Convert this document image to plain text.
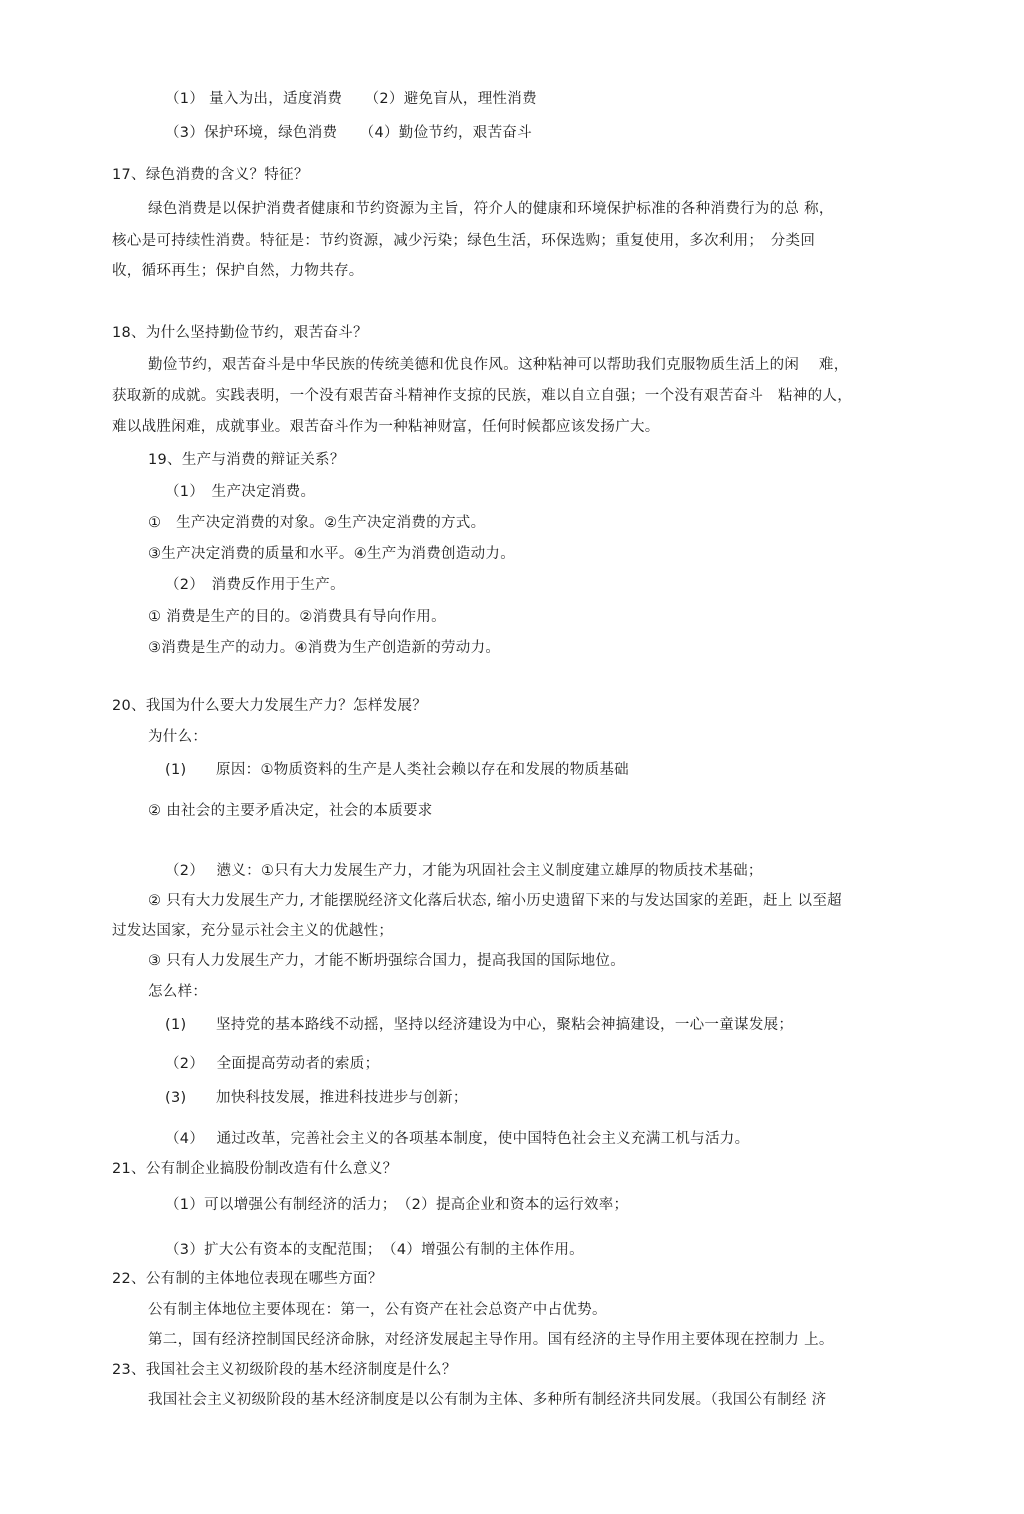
（1） 量入为出，适度消费　　（2）避免盲从，理性消费
（3）保护环境，绿色消费　　（4）勤俭节约，艰苦奋斗
17、绿色消费的含义？特征？
绿色消费是以保护消费者健康和节约资源为主旨，符介人的健康和环境保护标准的各种消费行为的总 称，
核心是可持续性消费。特征是：节约资源，减少污染；绿色生活，环保选购；重复使用，多次利用；　分类回
收，循环再生；保护自然，力物共存。
18、为什么坚持勤俭节约，艰苦奋斗？
勤俭节约，艰苦奋斗是中华民族的传统美德和优良作风。这种粘神可以帮助我们克服物质生活上的闲　 难，
获取新的成就。实践表明，一个没有艰苦奋斗精神作支掠的民族，难以自立自强；一个没有艰苦奋斗　粘神的人，
难以战胜闲难，成就事业。艰苦奋斗作为一种粘神财富，任何时候都应该发扬广大。
19、生产与消费的辩证关系？
（1）　生产决定消费。
①　生产决定消费的对象。②生产决定消费的方式。
③生产决定消费的质量和水平。④生产为消费创造动力。
（2）　消费反作用于生产。
① 消费是生产的目的。②消费具有导向作用。
③消费是生产的动力。④消费为生产创造新的劳动力。
20、我国为什么要大力发展生产力？怎样发展？
为什么：
(1)　　原因：①物质资料的生产是人类社会赖以存在和发展的物质基础
② 由社会的主要矛盾决定，社会的本质要求
（2）　 懑义：①只有大力发展生产力，才能为巩固社会主义制度建立雄厚的物质技术基础；
② 只有大力发展生产力, 才能摆脱经济文化落后状态, 缩小历史遗留下来的与发达国家的差距，赶上 以至超
过发达国家，充分显示社会主义的优越性；
③ 只有人力发展生产力，才能不断坍强综合国力，提高我国的国际地位。
怎么样：
(1)　　坚持党的基本路线不动摇，坚持以经济建设为中心，聚粘会神搞建设，一心一童谋发展；
（2）　 全面提高劳动者的索质；
(3)　　加快科技发展，推进科技进步与创新；
（4）　 通过改革，完善社会主义的各项基本制度，使中国特色社会主义充满工机与活力。
21、公有制企业搞股份制改造有什么意义？
（1）可以增强公有制经济的活力；　（2）提高企业和资本的运行效率；
（3）扩大公有资本的支配范围；　（4）增强公有制的主体作用。
22、公有制的主体地位表现在哪些方面？
公有制主体地位主要体现在：第一，公有资产在社会总资产中占优势。
第二，国有经济控制国民经济命脉，对经济发展起主导作用。国有经济的主导作用主要体现在控制力 上。
23、我国社会主义初级阶段的基木经济制度是什么？
我国社会主义初级阶段的基木经济制度是以公有制为主体、多种所有制经济共同发展。（我国公有制经 济
